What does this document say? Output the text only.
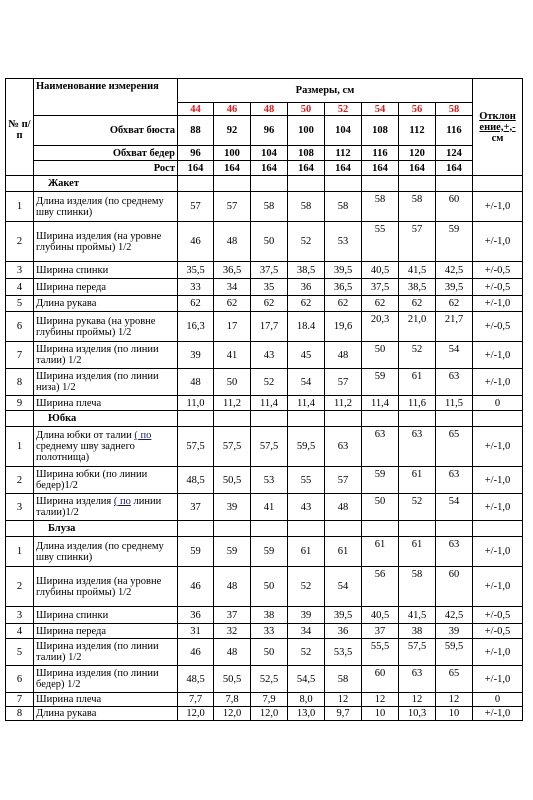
№ п/п	Наименование измерения	Размеры, см								Отклон
ение,+,-
см

		44	46	48	50	52	54	56	58	
	Обхват бюста	88	92	96	100	104	108	112	116	
	Обхват бедер	96	100	104	108	112	116	120	124	
	Рост	164	164	164	164	164	164	164	164	
	Жакет									
1	Длина изделия (по среднему шву спинки)	57	57	58	58	58	58	58	60	+/-1,0
2	Ширина изделия (на уровне глубины проймы) 1/2	46	48	50	52	53	55	57	59	+/-1,0
3	Ширина спинки	35,5	36,5	37,5	38,5	39,5	40,5	41,5	42,5	+/-0,5
4	Ширина переда	33	34	35	36	36,5	37,5	38,5	39,5	+/-0,5
5	Длина рукава	62	62	62	62	62	62	62	62	+/-1,0
6	Ширина рукава (на уровне глубины проймы) 1/2	16,3	17	17,7	18.4	19,6	20,3	21,0	21,7	+/-0,5
7	Ширина изделия (по линии талии) 1/2	39	41	43	45	48	50	52	54	+/-1,0
8	Ширина изделия (по линии низа) 1/2	48	50	52	54	57	59	61	63	+/-1,0
9	Ширина плеча	11,0	11,2	11,4	11,4	11,2	11,4	11,6	11,5	0
	Юбка									
1	Длина юбки от талии ( по среднему шву заднего полотнища)	57,5	57,5	57,5	59,5	63	63	63	65	+/-1,0
2	Ширина юбки (по линии бедер)1/2	48,5	50,5	53	55	57	59	61	63	+/-1,0
3	Ширина изделия ( по линии талии)1/2	37	39	41	43	48	50	52	54	+/-1,0
	Блуза									
1	Длина изделия (по среднему шву спинки)	59	59	59	61	61	61	61	63	+/-1,0
2	Ширина изделия (на уровне глубины проймы) 1/2	46	48	50	52	54	56	58	60	+/-1,0
3	Ширина спинки	36	37	38	39	39,5	40,5	41,5	42,5	+/-0,5
4	Ширина переда	31	32	33	34	36	37	38	39	+/-0,5
5	Ширина изделия (по линии талии) 1/2	46	48	50	52	53,5	55,5	57,5	59,5	+/-1,0
6	Ширина изделия (по линии бедер) 1/2	48,5	50,5	52,5	54,5	58	60	63	65	+/-1,0
7	Ширина плеча	7,7	7,8	7,9	8,0	12	12	12	12	0
8	Длина рукава	12,0	12,0	12,0	13,0	9,7	10	10,3	10	+/-1,0
